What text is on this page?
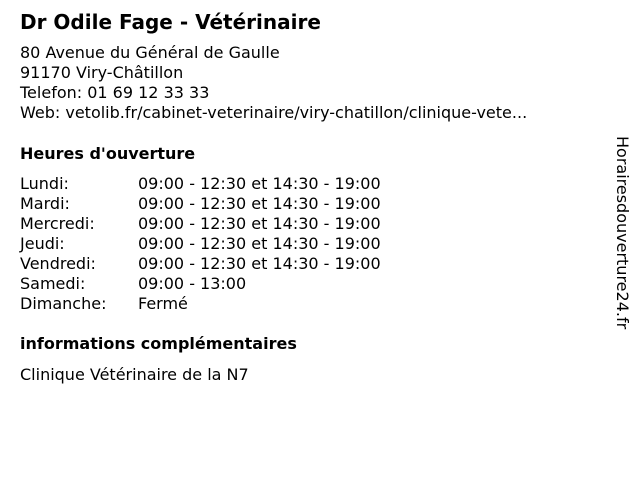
Dr Odile Fage - Vétérinaire
80 Avenue du Général de Gaulle
91170 Viry-Châtillon
Telefon: 01 69 12 33 33
Web: vetolib.fr/cabinet-veterinaire/viry-chatillon/clinique-vete...
Heures d'ouverture
Lundi:	09:00 - 12:30 et 14:30 - 19:00
Mardi:	09:00 - 12:30 et 14:30 - 19:00
Mercredi:	09:00 - 12:30 et 14:30 - 19:00
Jeudi:	09:00 - 12:30 et 14:30 - 19:00
Vendredi:	09:00 - 12:30 et 14:30 - 19:00
Samedi:	09:00 - 13:00
Dimanche:	Fermé
informations complémentaires
Clinique Vétérinaire de la N7
Horairesdouverture24.fr
